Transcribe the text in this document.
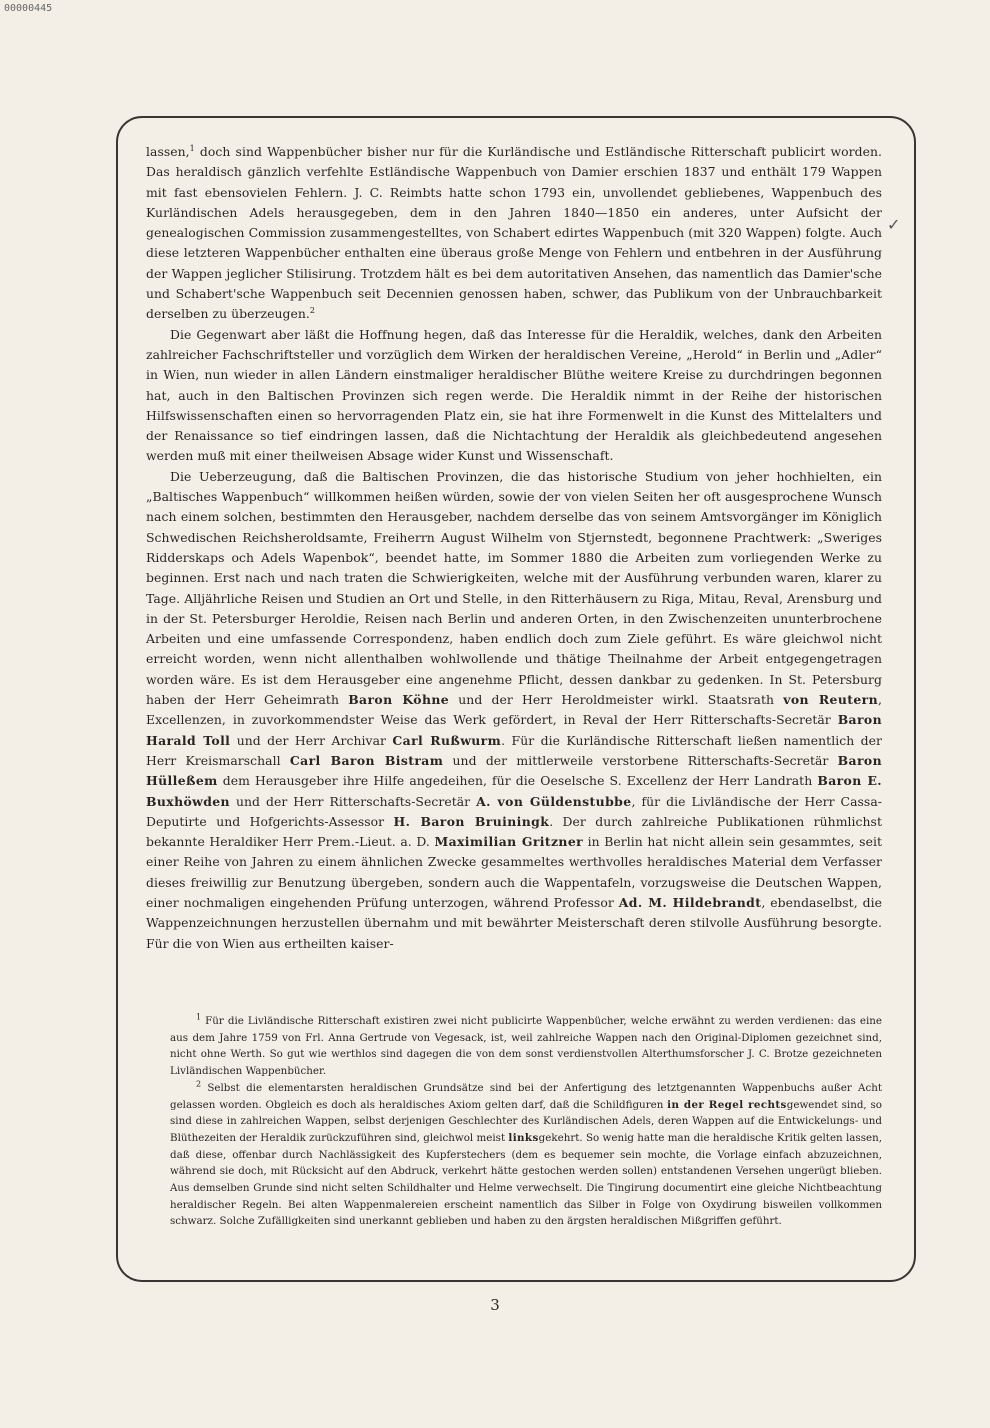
00000445
✓

lassen,$^1$ doch sind Wappenbücher bisher nur für die Kurländische und Estländische Ritterschaft publicirt worden. Das heraldisch gänzlich verfehlte Estländische Wappenbuch von Damier erschien 1837 und enthält 179 Wappen mit fast ebensovielen Fehlern. J. C. Reimbts hatte schon 1793 ein, unvollendet gebliebenes, Wappenbuch des Kurländischen Adels herausgegeben, dem in den Jahren 1840—1850 ein anderes, unter Aufsicht der genealogischen Commission zusammengestelltes, von Schabert edirtes Wappenbuch (mit 320 Wappen) folgte. Auch diese letzteren Wappenbücher enthalten eine überaus große Menge von Fehlern und entbehren in der Ausführung der Wappen jeglicher Stilisirung. Trotzdem hält es bei dem autoritativen Ansehen, das namentlich das Damier'sche und Schabert'sche Wappenbuch seit Decennien genossen haben, schwer, das Publikum von der Unbrauchbarkeit derselben zu überzeugen.$^2$

Die Gegenwart aber läßt die Hoffnung hegen, daß das Interesse für die Heraldik, welches, dank den Arbeiten zahlreicher Fachschriftsteller und vorzüglich dem Wirken der heraldischen Vereine, „Herold“ in Berlin und „Adler“ in Wien, nun wieder in allen Ländern einstmaliger heraldischer Blüthe weitere Kreise zu durchdringen begonnen hat, auch in den Baltischen Provinzen sich regen werde. Die Heraldik nimmt in der Reihe der historischen Hilfswissenschaften einen so hervorragenden Platz ein, sie hat ihre Formenwelt in die Kunst des Mittelalters und der Renaissance so tief eindringen lassen, daß die Nichtachtung der Heraldik als gleichbedeutend angesehen werden muß mit einer theilweisen Absage wider Kunst und Wissenschaft.

Die Ueberzeugung, daß die Baltischen Provinzen, die das historische Studium von jeher hochhielten, ein „Baltisches Wappenbuch“ willkommen heißen würden, sowie der von vielen Seiten her oft ausgesprochene Wunsch nach einem solchen, bestimmten den Herausgeber, nachdem derselbe das von seinem Amtsvorgänger im Königlich Schwedischen Reichsheroldsamte, Freiherrn August Wilhelm von Stjernstedt, begonnene Prachtwerk: „Sweriges Ridderskaps och Adels Wapenbok“, beendet hatte, im Sommer 1880 die Arbeiten zum vorliegenden Werke zu beginnen. Erst nach und nach traten die Schwierigkeiten, welche mit der Ausführung verbunden waren, klarer zu Tage. Alljährliche Reisen und Studien an Ort und Stelle, in den Ritterhäusern zu Riga, Mitau, Reval, Arensburg und in der St. Petersburger Heroldie, Reisen nach Berlin und anderen Orten, in den Zwischenzeiten ununterbrochene Arbeiten und eine umfassende Correspondenz, haben endlich doch zum Ziele geführt. Es wäre gleichwol nicht erreicht worden, wenn nicht allenthalben wohlwollende und thätige Theilnahme der Arbeit entgegengetragen worden wäre. Es ist dem Herausgeber eine angenehme Pflicht, dessen dankbar zu gedenken. In St. Petersburg haben der Herr Geheimrath Baron Köhne und der Herr Heroldmeister wirkl. Staatsrath von Reutern, Excellenzen, in zuvorkommendster Weise das Werk gefördert, in Reval der Herr Ritterschafts-Secretär Baron Harald Toll und der Herr Archivar Carl Rußwurm. Für die Kurländische Ritterschaft ließen namentlich der Herr Kreismarschall Carl Baron Bistram und der mittlerweile verstorbene Ritterschafts-Secretär Baron Hülleßem dem Herausgeber ihre Hilfe angedeihen, für die Oeselsche S. Excellenz der Herr Landrath Baron E. Buxhöwden und der Herr Ritterschafts-Secretär A. von Güldenstubbe, für die Livländische der Herr Cassa-Deputirte und Hofgerichts-Assessor H. Baron Bruiningk. Der durch zahlreiche Publikationen rühmlichst bekannte Heraldiker Herr Prem.-Lieut. a. D. Maximilian Gritzner in Berlin hat nicht allein sein gesammtes, seit einer Reihe von Jahren zu einem ähnlichen Zwecke gesammeltes werthvolles heraldisches Material dem Verfasser dieses freiwillig zur Benutzung übergeben, sondern auch die Wappentafeln, vorzugsweise die Deutschen Wappen, einer nochmaligen eingehenden Prüfung unterzogen, während Professor Ad. M. Hildebrandt, ebendaselbst, die Wappenzeichnungen herzustellen übernahm und mit bewährter Meisterschaft deren stilvolle Ausführung besorgte. Für die von Wien aus ertheilten kaiser-

$^1$ Für die Livländische Ritterschaft existiren zwei nicht publicirte Wappenbücher, welche erwähnt zu werden verdienen: das eine aus dem Jahre 1759 von Frl. Anna Gertrude von Vegesack, ist, weil zahlreiche Wappen nach den Original-Diplomen gezeichnet sind, nicht ohne Werth. So gut wie werthlos sind dagegen die von dem sonst verdienstvollen Alterthumsforscher J. C. Brotze gezeichneten Livländischen Wappenbücher.

$^2$ Selbst die elementarsten heraldischen Grundsätze sind bei der Anfertigung des letztgenannten Wappenbuchs außer Acht gelassen worden. Obgleich es doch als heraldisches Axiom gelten darf, daß die Schildfiguren in der Regel rechtsgewendet sind, so sind diese in zahlreichen Wappen, selbst derjenigen Geschlechter des Kurländischen Adels, deren Wappen auf die Entwickelungs- und Blüthezeiten der Heraldik zurückzuführen sind, gleichwol meist linksgekehrt. So wenig hatte man die heraldische Kritik gelten lassen, daß diese, offenbar durch Nachlässigkeit des Kupferstechers (dem es bequemer sein mochte, die Vorlage einfach abzuzeichnen, während sie doch, mit Rücksicht auf den Abdruck, verkehrt hätte gestochen werden sollen) entstandenen Versehen ungerügt blieben. Aus demselben Grunde sind nicht selten Schildhalter und Helme verwechselt. Die Tingirung documentirt eine gleiche Nichtbeachtung heraldischer Regeln. Bei alten Wappenmalereien erscheint namentlich das Silber in Folge von Oxydirung bisweilen vollkommen schwarz. Solche Zufälligkeiten sind unerkannt geblieben und haben zu den ärgsten heraldischen Mißgriffen geführt.

3
